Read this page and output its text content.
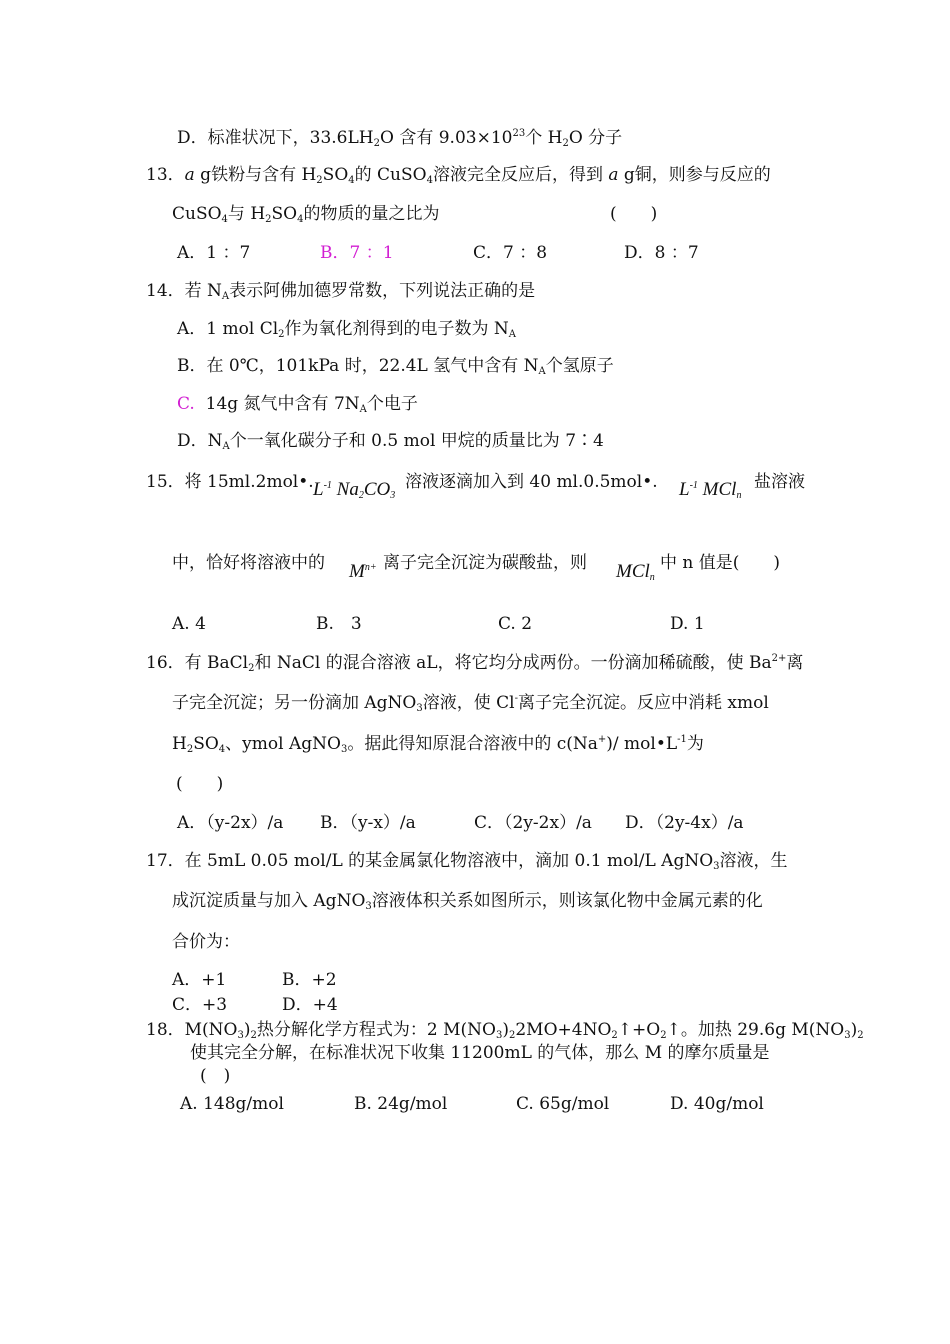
D．标准状况下，$33.6LH_2O$ 含有 $9.03\times 10^{23}$个 $H_2O$ 分子
13．a g铁粉与含有 $H_2SO_4$的 CuSO$_4$溶液完全反应后，得到 a g铜，则参与反应的
CuSO$_4$与 $H_2SO_4$的物质的量之比为	(　　)
A．1 ：7	B．7 ：1	C．7 ：8	D．8 ：7
14．若 $N_A$表示阿佛加德罗常数，下列说法正确的是
A．1 mol $Cl_2$作为氧化剂得到的电子数为 $N_A$
B．在 0℃，101kPa 时，22.4L 氢气中含有 $N_A$个氢原子
C. 14g 氮气中含有 $7N_A$个电子
D．$N_A$个一氧化碳分子和 0.5 mol 甲烷的质量比为 7∶4
15．将 15ml.2mol•. $L^{-1}$ $Na_2CO_3$
溶液逐滴加入到 40 ml.0.5mol•. $L^{-1}$ MCl$_n$
盐溶液
中，恰好将溶液中的 $M^{n+}$ 离子完全沉淀为碳酸盐，则 MCl$_n$
中 n 值是(　　)
A. 4	B.　3	C. 2	D. 1
16．有 BaCl$_2$和 NaCl 的混合溶液 aL，将它均分成两份。一份滴加稀硫酸，使 $Ba^{2+}$离
子完全沉淀；另一份滴加 AgNO$_3$溶液，使 Cl-离子完全沉淀。反应中消耗 xmol
$H_2SO_4$、ymol AgNO$_3$。据此得知原混合溶液中的 c(Na+)/ $mol•L^{-1}$为
(　　)
A．（y-2x）/a B．（y-x）/a	C．（2y-2x）/a D．（2y-4x）/a
17．在 5mL 0.05 mol/L 的某金属氯化物溶液中，滴加 0.1 mol/L AgNO$_3$溶液，生
成沉淀质量与加入 AgNO$_3$溶液体积关系如图所示，则该氯化物中金属元素的化
合价为：
A．+1	B．+2
C．+3	D．+4
18．$M(NO_3)_2$热分解化学方程式为：2 $M(NO_3)_22MO+4NO_2↑+O_2↑$。加热 29.6g $M(NO_3)_2$
使其完全分解，在标准状况下收集 11200mL 的气体，那么 M 的摩尔质量是
(　)
A. 148g/mol	B. 24g/mol	C. 65g/mol	D. 40g/mol
